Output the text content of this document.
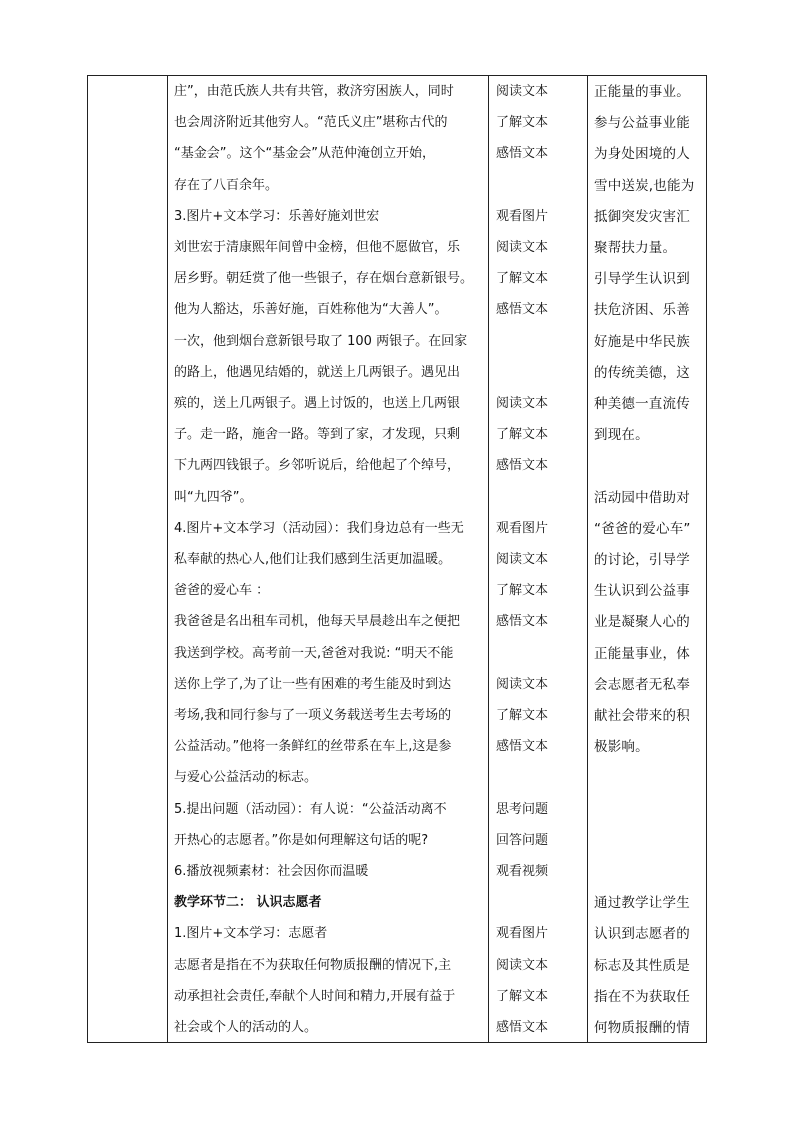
庄”，由范氏族人共有共管，救济穷困族人，同时
也会周济附近其他穷人。“范氏义庄”堪称古代的
“基金会”。这个“基金会”从范仲淹创立开始，
存在了八百余年。
3.图片+文本学习：乐善好施刘世宏
刘世宏于清康熙年间曾中金榜，但他不愿做官，乐
居乡野。朝廷赏了他一些银子，存在烟台意新银号。
他为人豁达，乐善好施，百姓称他为“大善人”。
一次，他到烟台意新银号取了 100 两银子。在回家
的路上，他遇见结婚的，就送上几两银子。遇见出
殡的，送上几两银子。遇上讨饭的，也送上几两银
子。走一路，施舍一路。等到了家，才发现，只剩
下九两四钱银子。乡邻听说后，给他起了个绰号，
叫“九四爷”。
4.图片+文本学习（活动园）：我们身边总有一些无
私奉献的热心人,他们让我们感到生活更加温暖。
爸爸的爱心车 ：
我爸爸是名出租车司机，他每天早晨趁出车之便把
我送到学校。高考前一天,爸爸对我说: “明天不能
送你上学了,为了让一些有困难的考生能及时到达
考场,我和同行参与了一项义务载送考生去考场的
公益活动。”他将一条鲜红的丝带系在车上,这是参
与爱心公益活动的标志。
5.提出问题（活动园）：有人说：“公益活动离不
开热心的志愿者。”你是如何理解这句话的呢?
6.播放视频素材：社会因你而温暖
教学环节二： 认识志愿者
1.图片+文本学习：志愿者
志愿者是指在不为获取任何物质报酬的情况下,主
动承担社会责任,奉献个人时间和精力,开展有益于
社会或个人的活动的人。
阅读文本
了解文本
感悟文本
观看图片
阅读文本
了解文本
感悟文本
阅读文本
了解文本
感悟文本
观看图片
阅读文本
了解文本
感悟文本
阅读文本
了解文本
感悟文本
思考问题
回答问题
观看视频
观看图片
阅读文本
了解文本
感悟文本
正能量的事业。
参与公益事业能
为身处困境的人
雪中送炭,也能为
抵御突发灾害汇
聚帮扶力量。
引导学生认识到
扶危济困、乐善
好施是中华民族
的传统美德，这
种美德一直流传
到现在。
活动园中借助对
“爸爸的爱心车”
的讨论，引导学
生认识到公益事
业是凝聚人心的
正能量事业，体
会志愿者无私奉
献社会带来的积
极影响。
通过教学让学生
认识到志愿者的
标志及其性质是
指在不为获取任
何物质报酬的情
